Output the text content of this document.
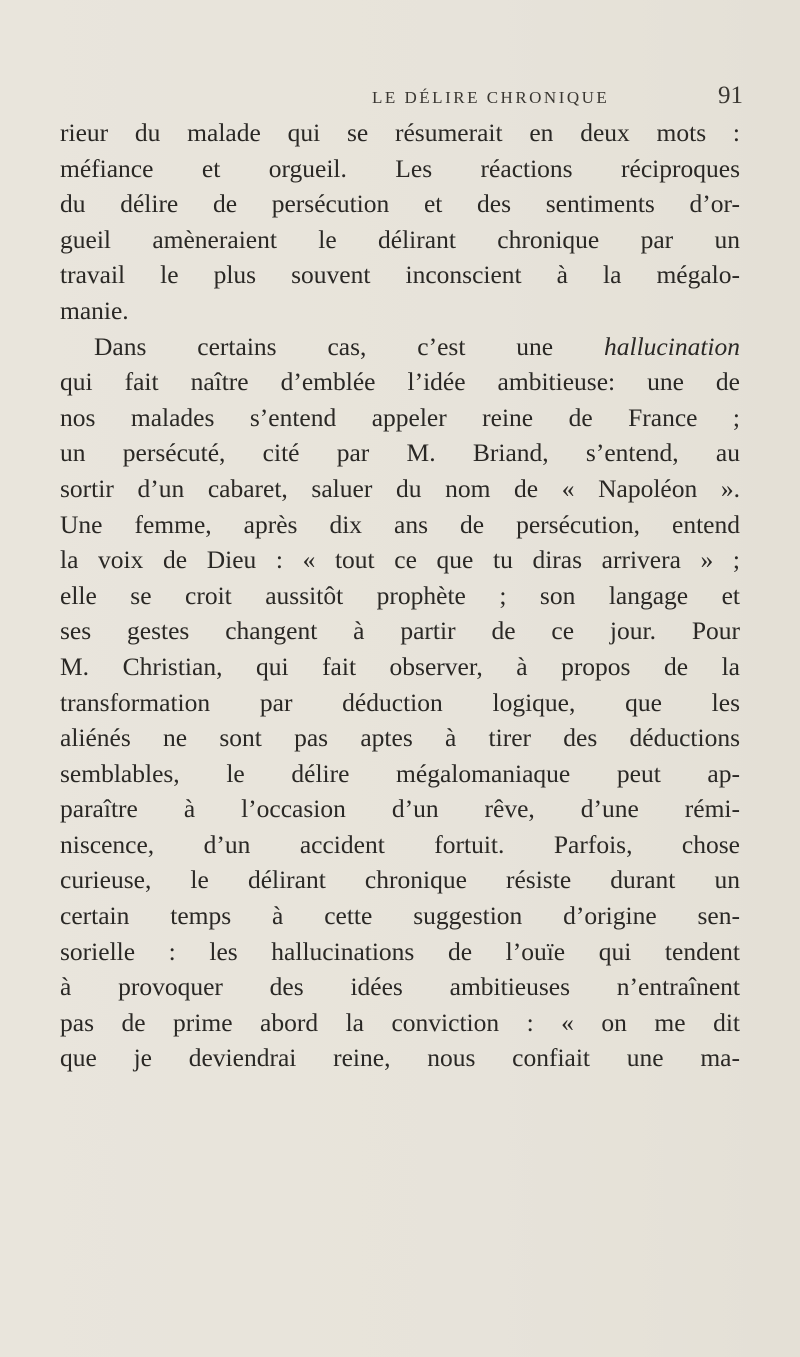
LE DÉLIRE CHRONIQUE	91
rieur du malade qui se résumerait en deux mots :
méfiance et orgueil. Les réactions réciproques
du délire de persécution et des sentiments d’or-
gueil amèneraient le délirant chronique par un
travail le plus souvent inconscient à la mégalo-
manie.
Dans certains cas, c’est une hallucination
qui fait naître d’emblée l’idée ambitieuse: une de
nos malades s’entend appeler reine de France ;
un persécuté, cité par M. Briand, s’entend, au
sortir d’un cabaret, saluer du nom de « Napoléon ».
Une femme, après dix ans de persécution, entend
la voix de Dieu : « tout ce que tu diras arrivera » ;
elle se croit aussitôt prophète ; son langage et
ses gestes changent à partir de ce jour. Pour
M. Christian, qui fait observer, à propos de la
transformation par déduction logique, que les
aliénés ne sont pas aptes à tirer des déductions
semblables, le délire mégalomaniaque peut ap-
paraître à l’occasion d’un rêve, d’une rémi-
niscence, d’un accident fortuit. Parfois, chose
curieuse, le délirant chronique résiste durant un
certain temps à cette suggestion d’origine sen-
sorielle : les hallucinations de l’ouïe qui tendent
à provoquer des idées ambitieuses n’entraînent
pas de prime abord la conviction : « on me dit
que je deviendrai reine, nous confiait une ma-
